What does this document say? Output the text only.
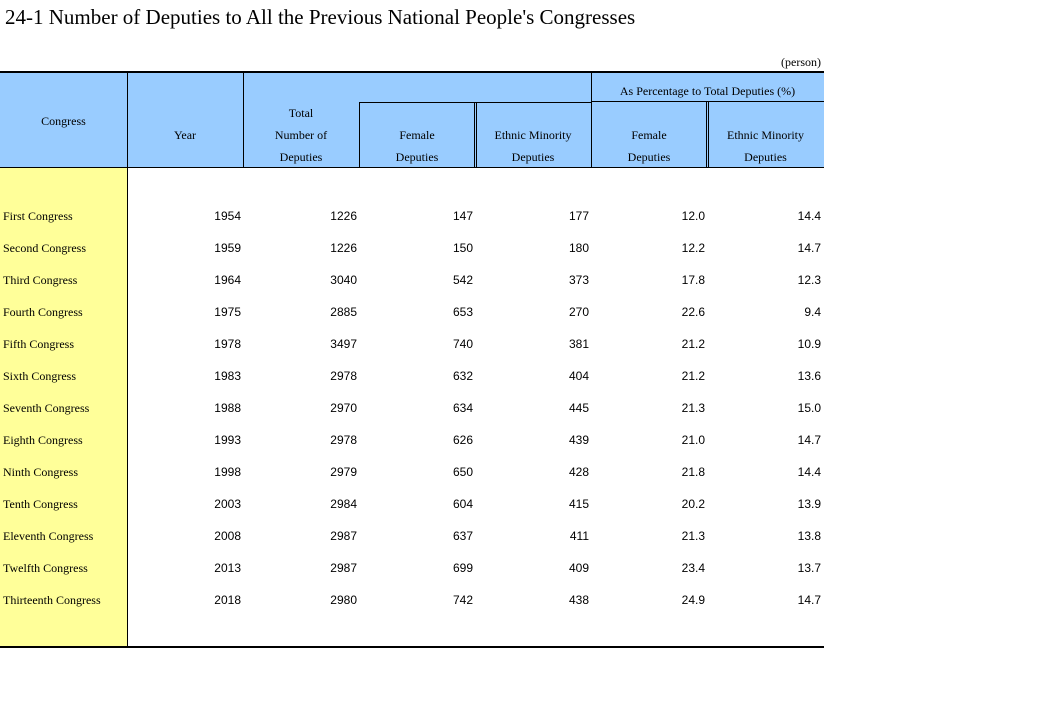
24-1 Number of Deputies to All the Previous National People's Congresses
(person)
Congress
Year
Total
Number of
Deputies
Female
Deputies
Ethnic Minority
Deputies
As Percentage to Total Deputies (%)
Female
Deputies
Ethnic Minority
Deputies
First Congress	1954	1226	147	177	12.0	14.4
Second Congress	1959	1226	150	180	12.2	14.7
Third Congress	1964	3040	542	373	17.8	12.3
Fourth Congress	1975	2885	653	270	22.6	9.4
Fifth Congress	1978	3497	740	381	21.2	10.9
Sixth Congress	1983	2978	632	404	21.2	13.6
Seventh Congress	1988	2970	634	445	21.3	15.0
Eighth Congress	1993	2978	626	439	21.0	14.7
Ninth Congress	1998	2979	650	428	21.8	14.4
Tenth Congress	2003	2984	604	415	20.2	13.9
Eleventh Congress	2008	2987	637	411	21.3	13.8
Twelfth Congress	2013	2987	699	409	23.4	13.7
Thirteenth Congress	2018	2980	742	438	24.9	14.7
